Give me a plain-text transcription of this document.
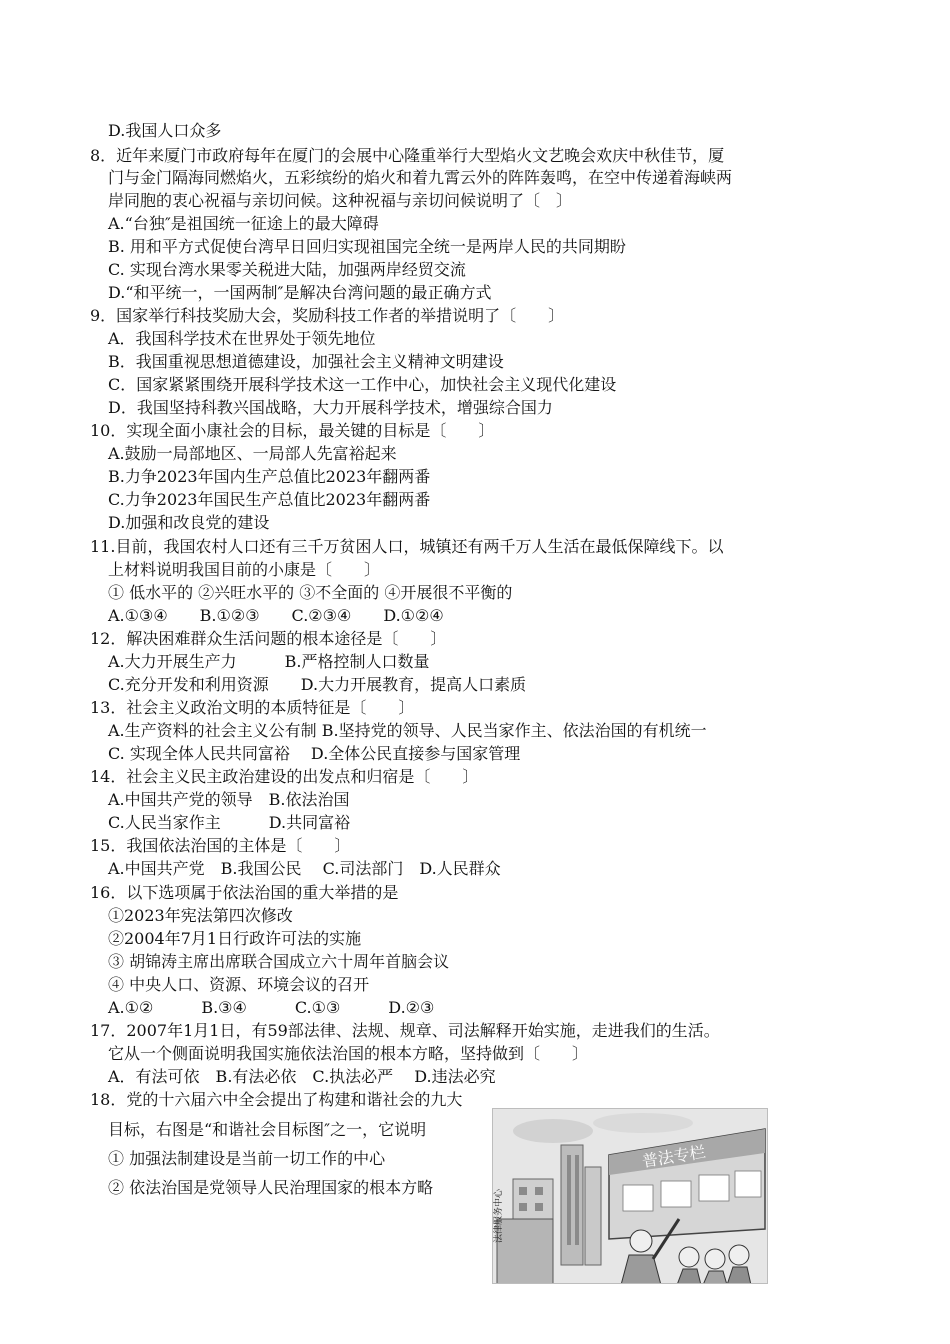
D.我国人口众多
8．近年来厦门市政府每年在厦门的会展中心隆重举行大型焰火文艺晚会欢庆中秋佳节，厦
门与金门隔海同燃焰火，五彩缤纷的焰火和着九霄云外的阵阵轰鸣，在空中传递着海峡两
岸同胞的衷心祝福与亲切问候。这种祝福与亲切问候说明了〔　〕
A.“台独″是祖国统一征途上的最大障碍
B. 用和平方式促使台湾早日回归实现祖国完全统一是两岸人民的共同期盼
C. 实现台湾水果零关税进大陆，加强两岸经贸交流
D.“和平统一，一国两制″是解决台湾问题的最正确方式
9．国家举行科技奖励大会，奖励科技工作者的举措说明了〔　　〕
A．我国科学技术在世界处于领先地位
B．我国重视思想道德建设，加强社会主义精神文明建设
C．国家紧紧围绕开展科学技术这一工作中心，加快社会主义现代化建设
D．我国坚持科教兴国战略，大力开展科学技术，增强综合国力
10．实现全面小康社会的目标，最关键的目标是〔　　〕
A.鼓励一局部地区、一局部人先富裕起来
B.力争2023年国内生产总值比2023年翻两番
C.力争2023年国民生产总值比2023年翻两番
D.加强和改良党的建设
11.目前，我国农村人口还有三千万贫困人口，城镇还有两千万人生活在最低保障线下。以
上材料说明我国目前的小康是〔　　〕
① 低水平的 ②兴旺水平的 ③不全面的 ④开展很不平衡的
A.①③④　　B.①②③　　C.②③④　　D.①②④
12．解决困难群众生活问题的根本途径是〔　　〕
A.大力开展生产力　　　B.严格控制人口数量
C.充分开发和利用资源　　D.大力开展教育，提高人口素质
13．社会主义政治文明的本质特征是〔　　〕
A.生产资料的社会主义公有制 B.坚持党的领导、人民当家作主、依法治国的有机统一
C. 实现全体人民共同富裕　 D.全体公民直接参与国家管理
14．社会主义民主政治建设的出发点和归宿是〔　　〕
A.中国共产党的领导　B.依法治国
C.人民当家作主　　　D.共同富裕
15．我国依法治国的主体是〔　　〕
A.中国共产党　B.我国公民　 C.司法部门　D.人民群众
16．以下选项属于依法治国的重大举措的是
①2023年宪法第四次修改
②2004年7月1日行政许可法的实施
③ 胡锦涛主席出席联合国成立六十周年首脑会议
④ 中央人口、资源、环境会议的召开
A.①②　　　B.③④　　　C.①③　　　D.②③
17．2007年1月1日，有59部法律、法规、规章、司法解释开始实施，走进我们的生活。
它从一个侧面说明我国实施依法治国的根本方略，坚持做到〔　　〕
A．有法可依　B.有法必依　C.执法必严　 D.违法必究
18．党的十六届六中全会提出了构建和谐社会的九大
目标，右图是“和谐社会目标图″之一，它说明
① 加强法制建设是当前一切工作的中心
② 依法治国是党领导人民治理国家的根本方略
法律服务中心
普法专栏
